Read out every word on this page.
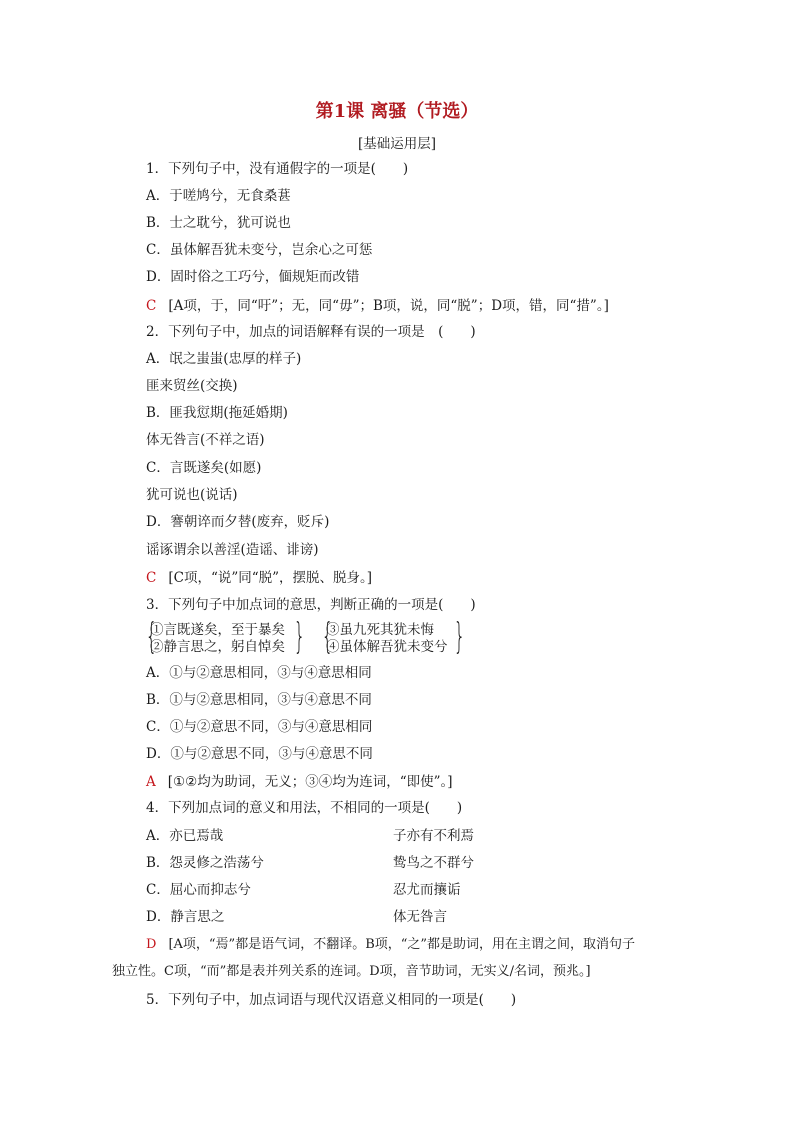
第1课 离骚（节选）
[基础运用层]
1．下列句子中，没有通假字的一项是(　　)
A．于嗟鸠兮，无食桑葚
B．士之耽兮，犹可说也
C．虽体解吾犹未变兮，岂余心之可惩
D．固时俗之工巧兮，偭规矩而改错
C [A项，于，同“吁”；无，同“毋”；B项，说，同“脱”；D项，错，同“措”。]
2．下列句子中，加点的词语解释有误的一项是　(　　)
A．氓之蚩蚩(忠厚的样子)
匪来贸丝(交换)
B．匪我愆期(拖延婚期)
体无咎言(不祥之语)
C．言既遂矣(如愿)
犹可说也(说话)
D．謇朝谇而夕替(废弃，贬斥)
谣诼谓余以善淫(造谣、诽谤)
C [C项，“说”同“脱”，摆脱、脱身。]
3．下列句子中加点词的意思，判断正确的一项是(　　)
{
①言既遂矣，至于暴矣
②静言思之，躬自悼矣 } {
③虽九死其犹未悔
④虽体解吾犹未变兮 }
A．①与②意思相同，③与④意思相同
B．①与②意思相同，③与④意思不同
C．①与②意思不同，③与④意思相同
D．①与②意思不同，③与④意思不同
A [①②均为助词，无义；③④均为连词，“即使”。]
4．下列加点词的意义和用法，不相同的一项是(　　)
A．亦已焉哉	子亦有不利焉
B．怨灵修之浩荡兮	鸷鸟之不群兮
C．屈心而抑志兮	忍尤而攘诟
D．静言思之	体无咎言
D [A项，“焉”都是语气词，不翻译。B项，“之”都是助词，用在主谓之间，取消句子
独立性。C项，“而”都是表并列关系的连词。D项，音节助词，无实义/名词，预兆。]
5．下列句子中，加点词语与现代汉语意义相同的一项是(　　)
